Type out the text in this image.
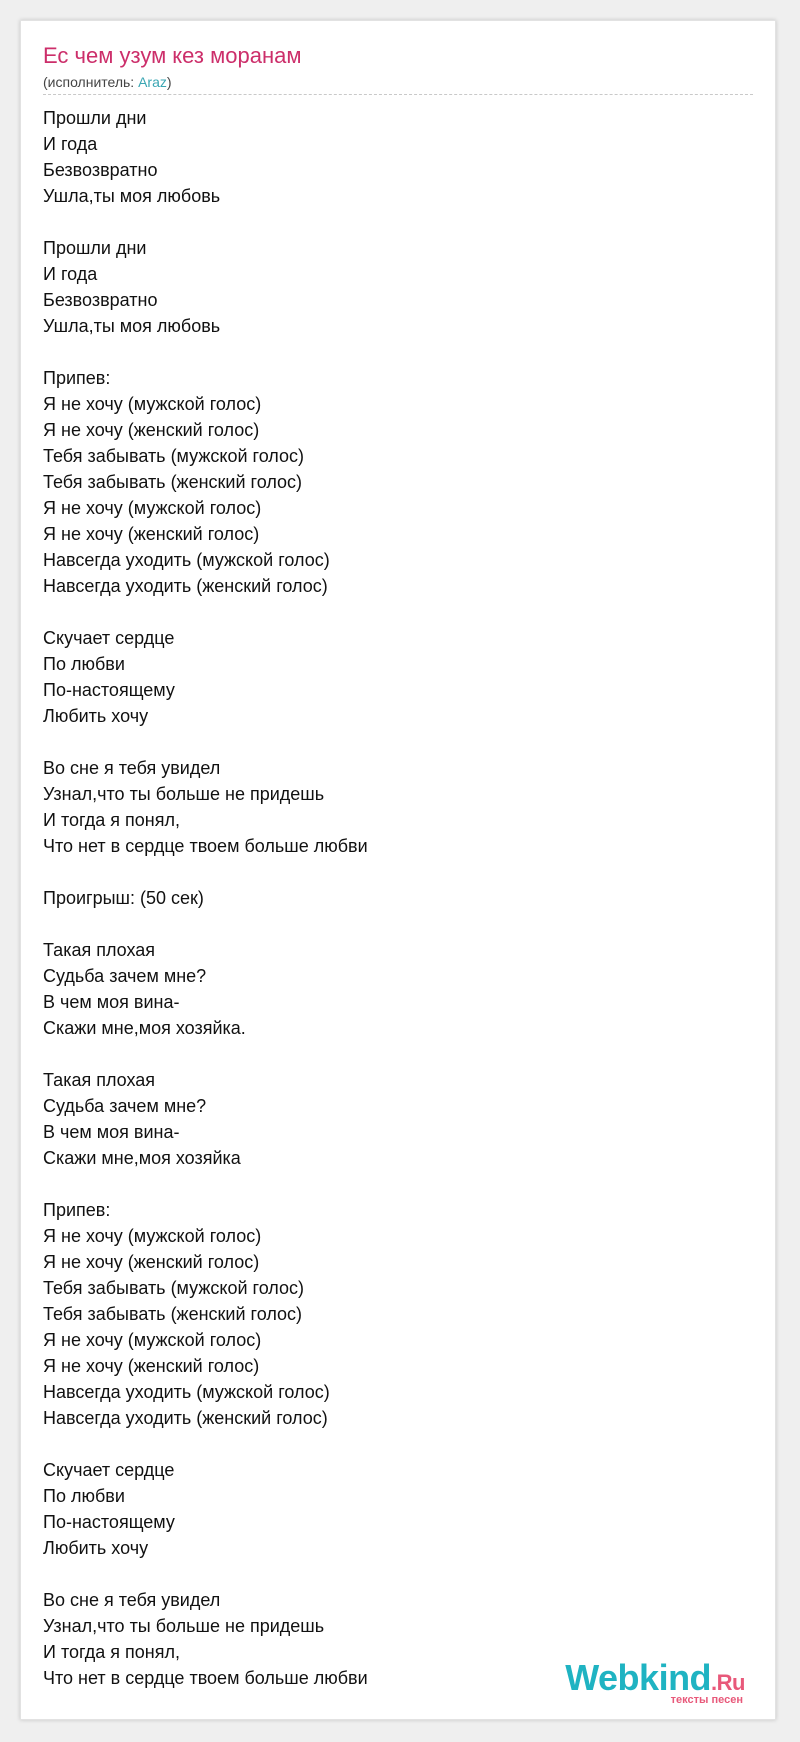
Ес чем узум кез моранам
(исполнитель: Araz)
Прошли дни
И года
Безвозвратно
Ушла,ты моя любовь
Прошли дни
И года
Безвозвратно
Ушла,ты моя любовь
Припев:
Я не хочу (мужской голос)
Я не хочу (женский голос)
Тебя забывать (мужской голос)
Тебя забывать (женский голос)
Я не хочу (мужской голос)
Я не хочу (женский голос)
Навсегда уходить (мужской голос)
Навсегда уходить (женский голос)
Скучает сердце
По любви
По-настоящему
Любить хочу
Во сне я тебя увидел
Узнал,что ты больше не придешь
И тогда я понял,
Что нет в сердце твоем больше любви
Проигрыш: (50 сек)
Такая плохая
Судьба зачем мне?
В чем моя вина-
Скажи мне,моя хозяйка.
Такая плохая
Судьба зачем мне?
В чем моя вина-
Скажи мне,моя хозяйка
Припев:
Я не хочу (мужской голос)
Я не хочу (женский голос)
Тебя забывать (мужской голос)
Тебя забывать (женский голос)
Я не хочу (мужской голос)
Я не хочу (женский голос)
Навсегда уходить (мужской голос)
Навсегда уходить (женский голос)
Скучает сердце
По любви
По-настоящему
Любить хочу
Во сне я тебя увидел
Узнал,что ты больше не придешь
И тогда я понял,
Что нет в сердце твоем больше любви	Webkind.Ru
тексты песен
